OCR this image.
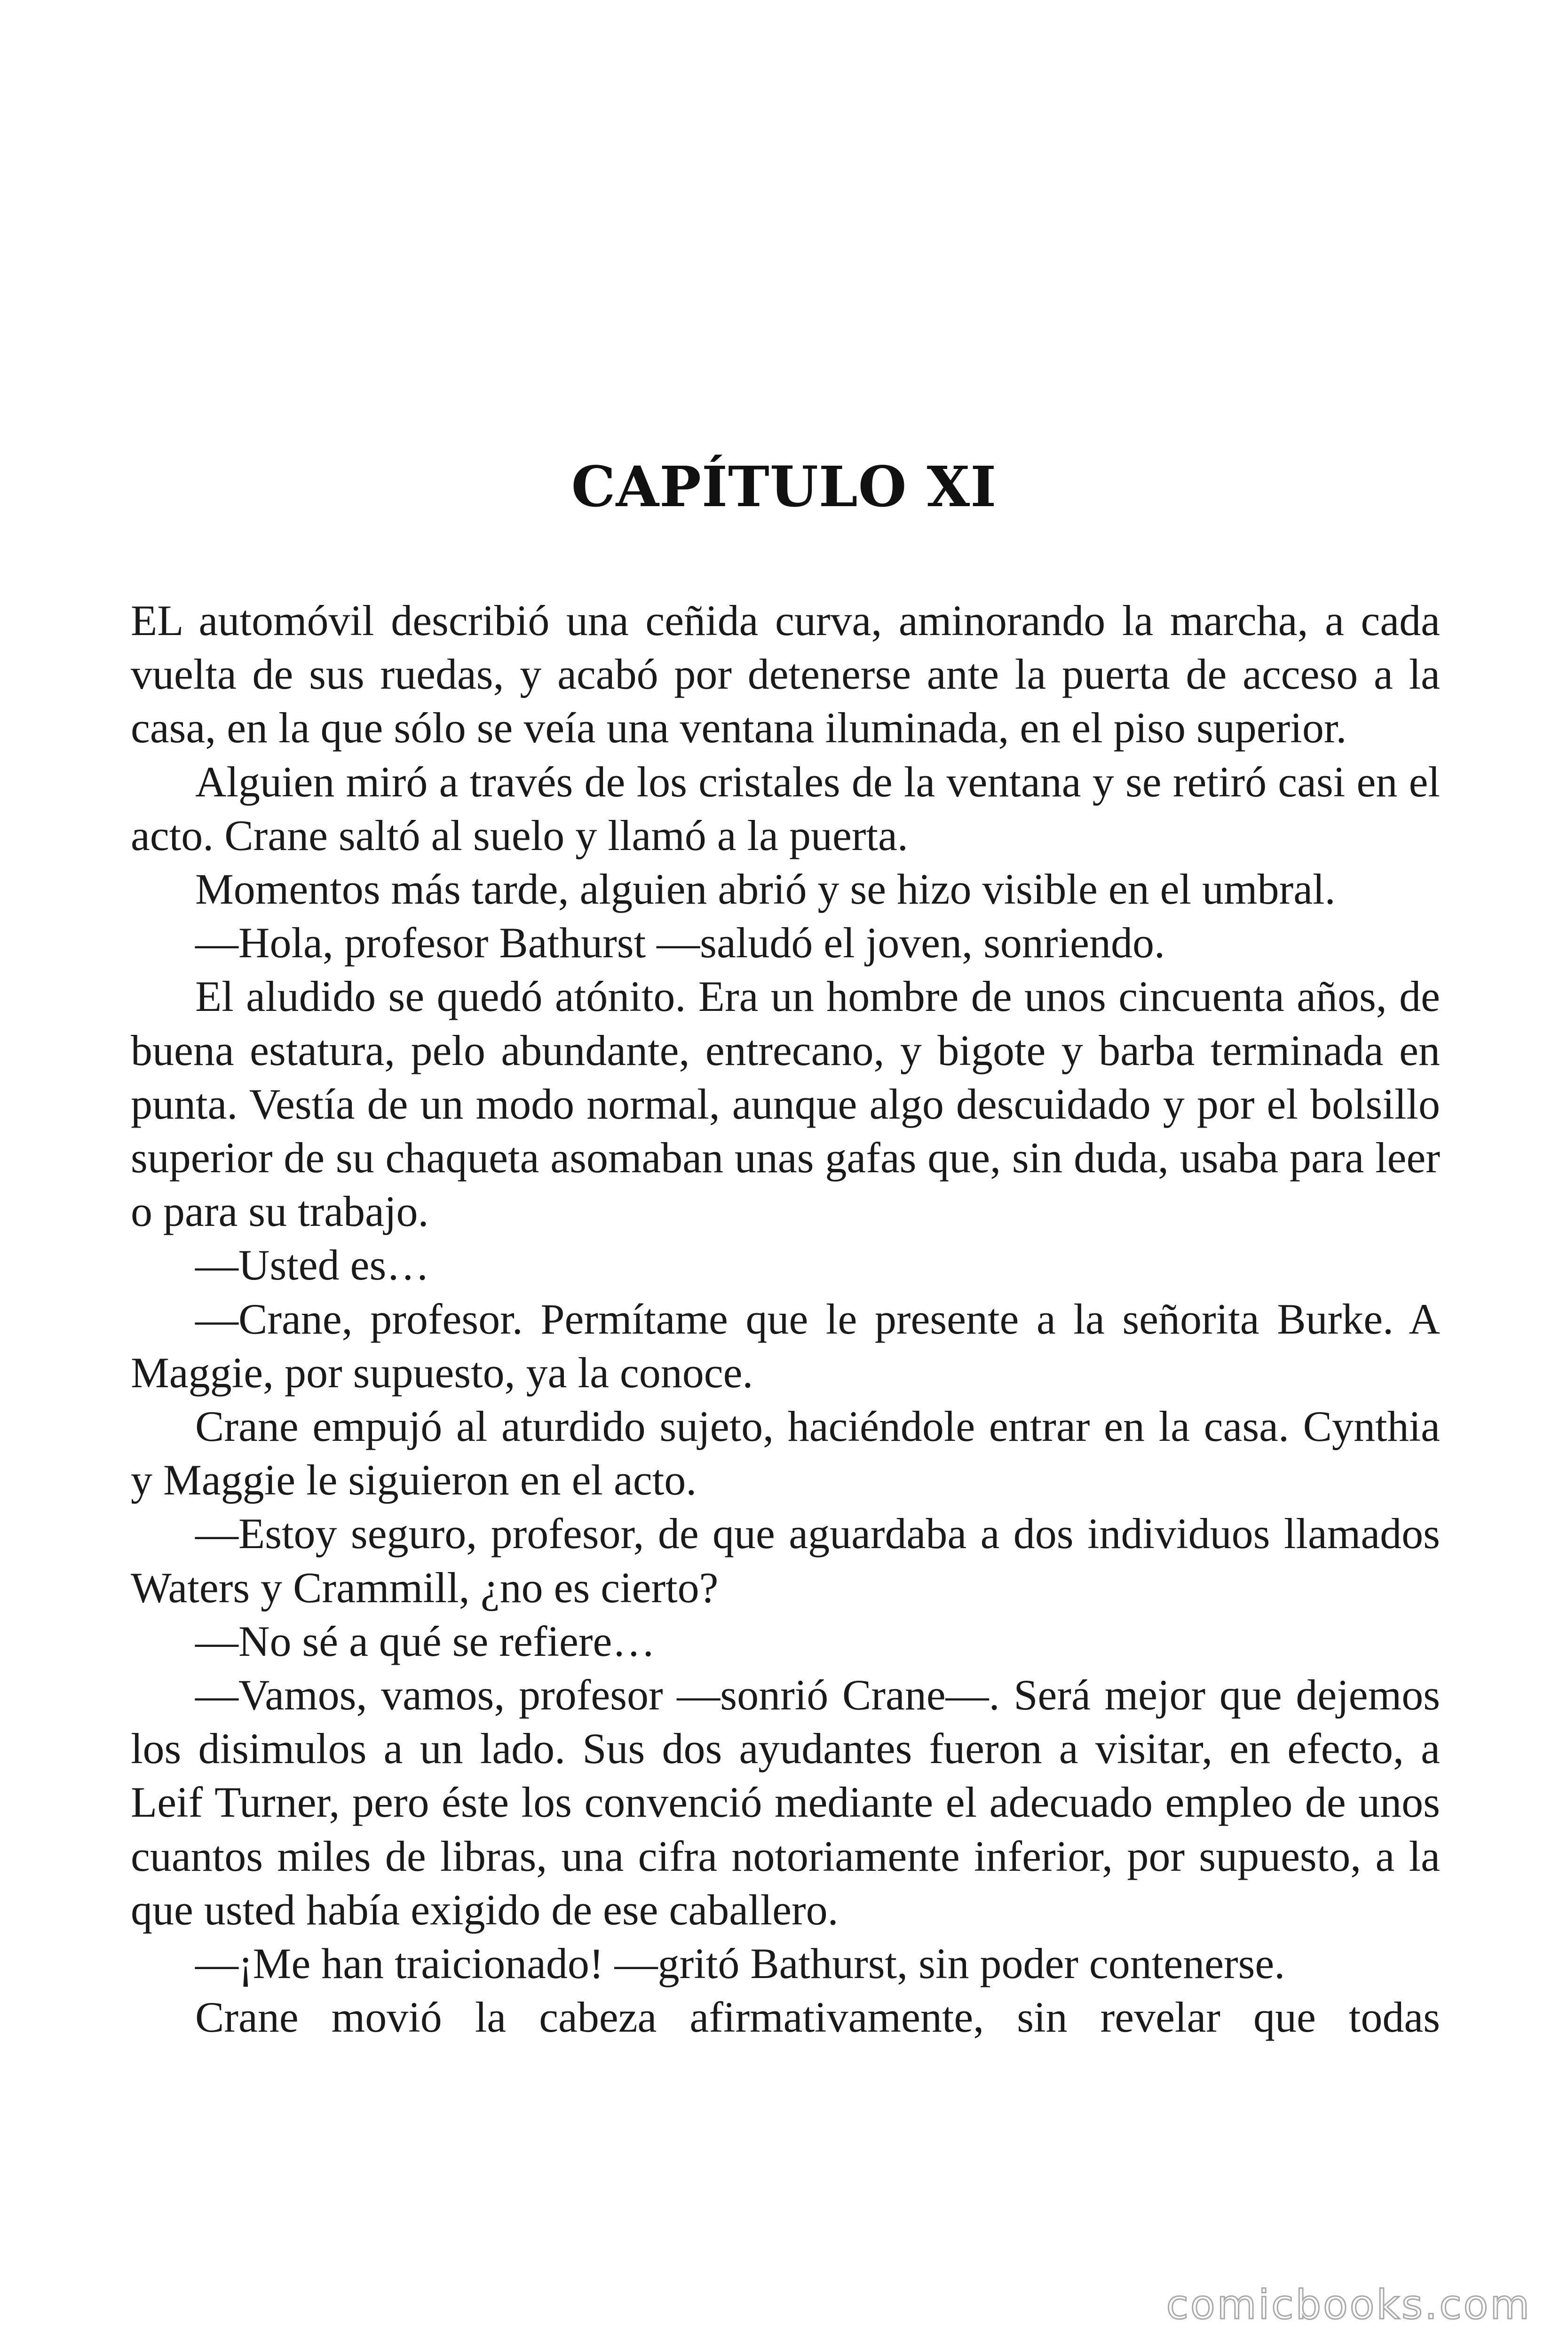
CAPÍTULO XI

EL automóvil describió una ceñida curva, aminorando la marcha, a cada vuelta de sus ruedas, y acabó por detenerse ante la puerta de acceso a la casa, en la que sólo se veía una ventana iluminada, en el piso superior.

Alguien miró a través de los cristales de la ventana y se retiró casi en el acto. Crane saltó al suelo y llamó a la puerta.

Momentos más tarde, alguien abrió y se hizo visible en el umbral.

—Hola, profesor Bathurst —saludó el joven, sonriendo.

El aludido se quedó atónito. Era un hombre de unos cincuenta años, de buena estatura, pelo abundante, entrecano, y bigote y barba terminada en punta. Vestía de un modo normal, aunque algo descuidado y por el bolsillo superior de su chaqueta asomaban unas gafas que, sin duda, usaba para leer o para su trabajo.

—Usted es…

—Crane, profesor. Permítame que le presente a la señorita Burke. A Maggie, por supuesto, ya la conoce.

Crane empujó al aturdido sujeto, haciéndole entrar en la casa. Cynthia y Maggie le siguieron en el acto.

—Estoy seguro, profesor, de que aguardaba a dos individuos llamados Waters y Crammill, ¿no es cierto?

—No sé a qué se refiere…

—Vamos, vamos, profesor —sonrió Crane—. Será mejor que dejemos los disimulos a un lado. Sus dos ayudantes fueron a visitar, en efecto, a Leif Turner, pero éste los convenció mediante el adecuado empleo de unos cuantos miles de libras, una cifra notoriamente inferior, por supuesto, a la que usted había exigido de ese caballero.

—¡Me han traicionado! —gritó Bathurst, sin poder contenerse.

Crane movió la cabeza afirmativamente, sin revelar que todas

comicbooks.com
